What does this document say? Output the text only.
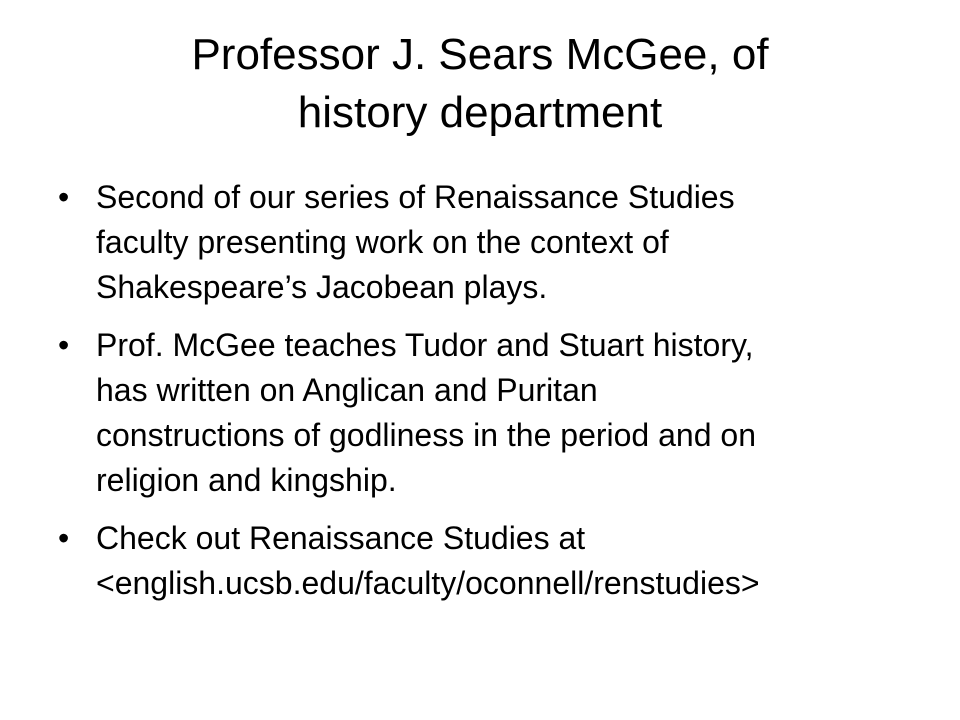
Professor J. Sears McGee, of
history department
• Second of our series of Renaissance Studies
faculty presenting work on the context of
Shakespeare’s Jacobean plays.
• Prof. McGee teaches Tudor and Stuart history,
has written on Anglican and Puritan
constructions of godliness in the period and on
religion and kingship.
• Check out Renaissance Studies at
<english.ucsb.edu/faculty/oconnell/renstudies>
